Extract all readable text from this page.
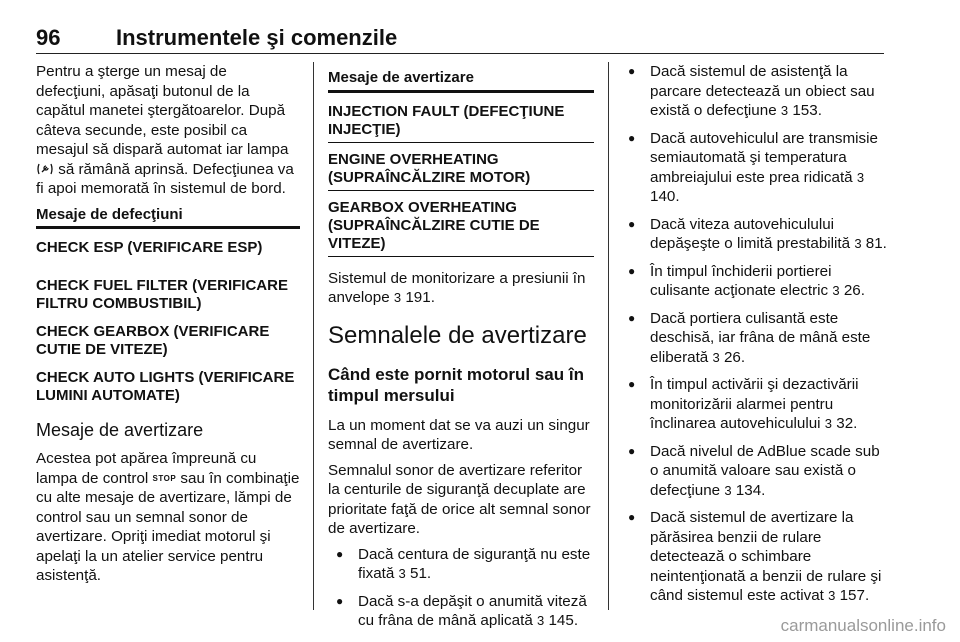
96	Instrumentele şi comenzile

Pentru a şterge un mesaj de defecţiuni, apăsaţi butonul de la capătul manetei ştergătoarelor. După câteva secunde, este posibil ca mesajul să dispară automat iar lampa  să rămână aprinsă. Defecţiunea va fi apoi memorată în sistemul de bord.

Mesaje de defecţiuni
CHECK ESP (VERIFICARE ESP)
CHECK FUEL FILTER (VERIFICARE FILTRU COMBUSTIBIL)
CHECK GEARBOX (VERIFICARE CUTIE DE VITEZE)
CHECK AUTO LIGHTS (VERIFICARE LUMINI AUTOMATE)
Mesaje de avertizare

Acestea pot apărea împreună cu lampa de control STOP sau în combinaţie cu alte mesaje de avertizare, lămpi de control sau un semnal sonor de avertizare. Opriţi imediat motorul şi apelaţi la un atelier service pentru asistenţă.

Mesaje de avertizare
INJECTION FAULT (DEFECŢIUNE INJECŢIE)
ENGINE OVERHEATING (SUPRAÎNCĂLZIRE MOTOR)
GEARBOX OVERHEATING (SUPRAÎNCĂLZIRE CUTIE DE VITEZE)

Sistemul de monitorizare a presiunii în anvelope 3 191.

Semnalele de avertizare
Când este pornit motorul sau în timpul mersului

La un moment dat se va auzi un singur semnal de avertizare.

Semnalul sonor de avertizare referitor la centurile de siguranţă decuplate are prioritate faţă de orice alt semnal sonor de avertizare.

● Dacă centura de siguranţă nu este fixată 3 51.
● Dacă s-a depăşit o anumită viteză cu frâna de mână aplicată 3 145.
● Dacă sistemul de asistenţă la parcare detectează un obiect sau există o defecţiune 3 153.
● Dacă autovehiculul are transmisie semiautomată şi temperatura ambreiajului este prea ridicată 3 140.
● Dacă viteza autovehiculului depăşeşte o limită prestabilită 3 81.
● În timpul închiderii portierei culisante acţionate electric 3 26.
● Dacă portiera culisantă este deschisă, iar frâna de mână este eliberată 3 26.
● În timpul activării şi dezactivării monitorizării alarmei pentru înclinarea autovehiculului 3 32.
● Dacă nivelul de AdBlue scade sub o anumită valoare sau există o defecţiune 3 134.
● Dacă sistemul de avertizare la părăsirea benzii de rulare detectează o schimbare neintenţionată a benzii de rulare şi când sistemul este activat 3 157.
carmanualsonline.info
